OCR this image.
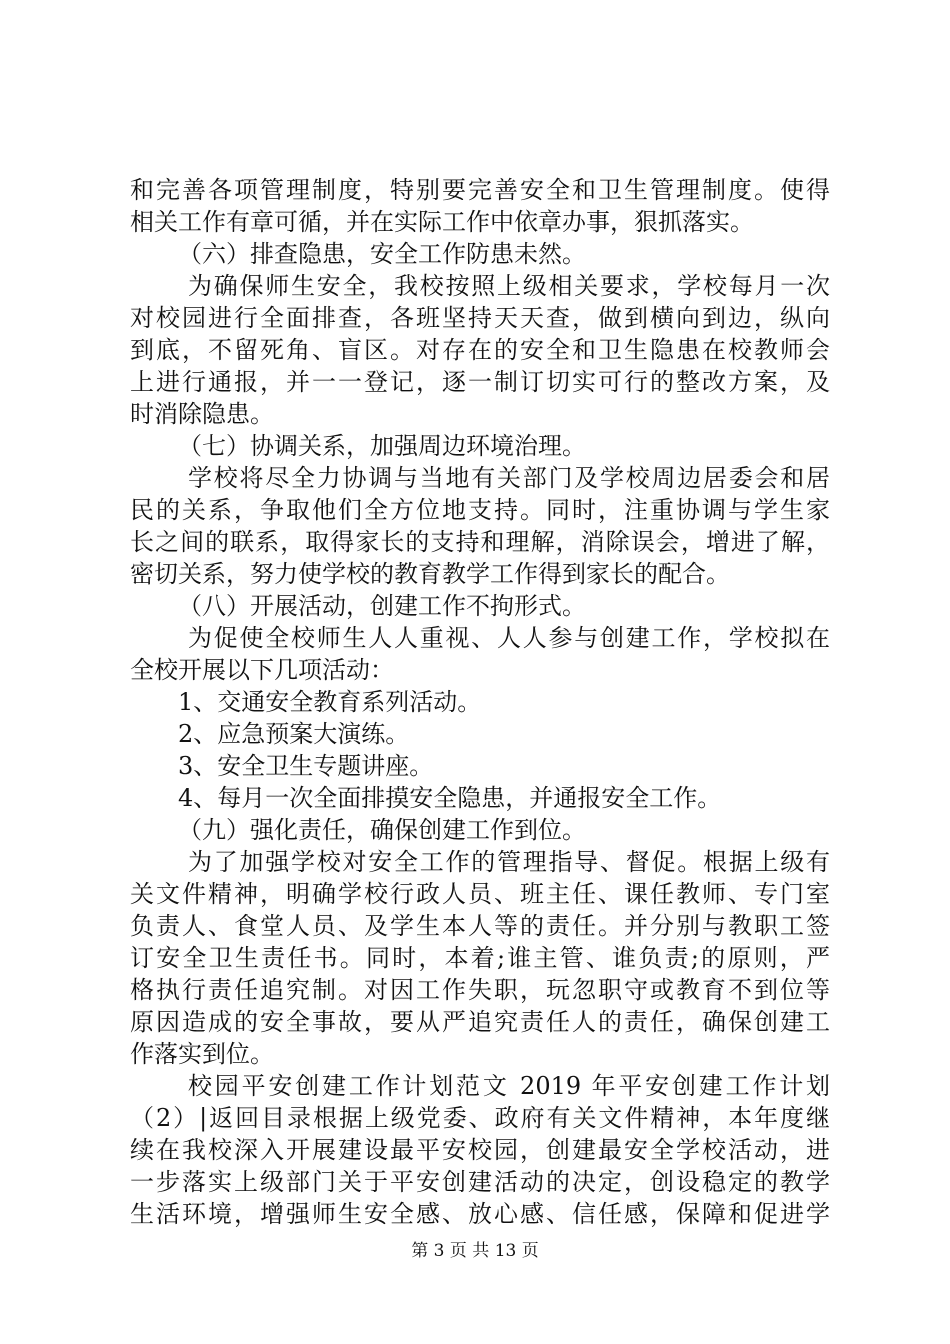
和完善各项管理制度，特别要完善安全和卫生管理制度。使得
相关工作有章可循，并在实际工作中依章办事，狠抓落实。
（六）排查隐患，安全工作防患未然。
为确保师生安全，我校按照上级相关要求，学校每月一次
对校园进行全面排查，各班坚持天天查，做到横向到边，纵向
到底，不留死角、盲区。对存在的安全和卫生隐患在校教师会
上进行通报，并一一登记，逐一制订切实可行的整改方案，及
时消除隐患。
（七）协调关系，加强周边环境治理。
学校将尽全力协调与当地有关部门及学校周边居委会和居
民的关系，争取他们全方位地支持。同时，注重协调与学生家
长之间的联系，取得家长的支持和理解，消除误会，增进了解，
密切关系，努力使学校的教育教学工作得到家长的配合。
（八）开展活动，创建工作不拘形式。
为促使全校师生人人重视、人人参与创建工作，学校拟在
全校开展以下几项活动：
1、交通安全教育系列活动。
2、应急预案大演练。
3、安全卫生专题讲座。
4、每月一次全面排摸安全隐患，并通报安全工作。
（九）强化责任，确保创建工作到位。
为了加强学校对安全工作的管理指导、督促。根据上级有
关文件精神，明确学校行政人员、班主任、课任教师、专门室
负责人、食堂人员、及学生本人等的责任。并分别与教职工签
订安全卫生责任书。同时，本着;谁主管、谁负责;的原则，严
格执行责任追究制。对因工作失职，玩忽职守或教育不到位等
原因造成的安全事故，要从严追究责任人的责任，确保创建工
作落实到位。
校园平安创建工作计划范文 2019 年平安创建工作计划
（2）|返回目录根据上级党委、政府有关文件精神，本年度继
续在我校深入开展建设最平安校园，创建最安全学校活动，进
一步落实上级部门关于平安创建活动的决定，创设稳定的教学
生活环境，增强师生安全感、放心感、信任感，保障和促进学
第 3 页 共 13 页
